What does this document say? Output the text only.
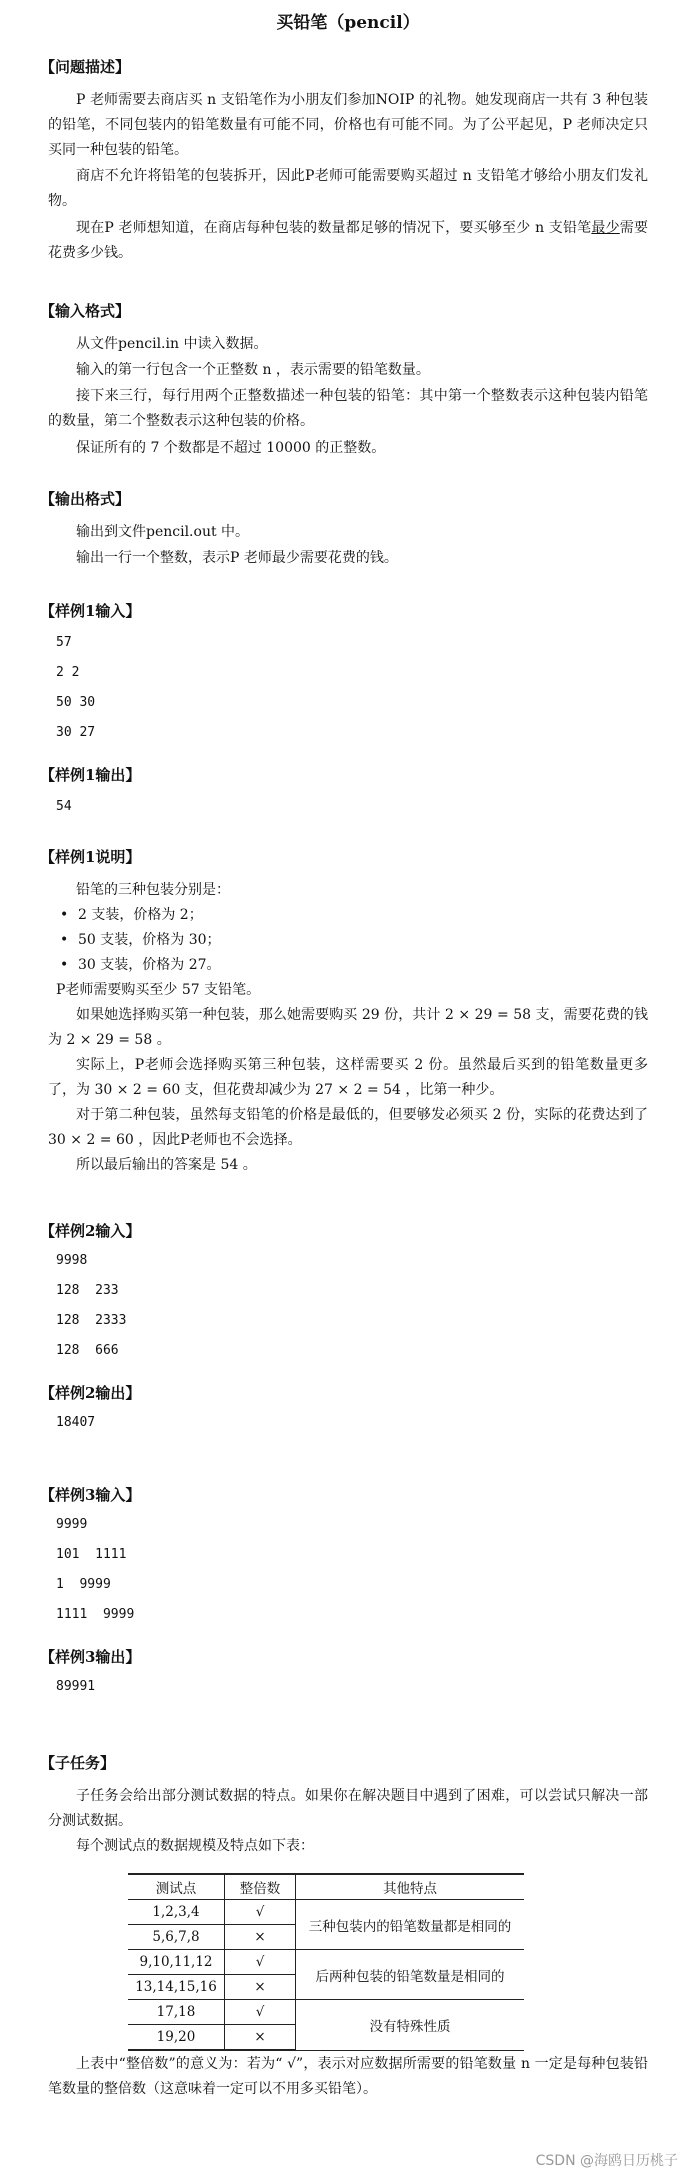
买铅笔（pencil）
【问题描述】
P 老师需要去商店买 n 支铅笔作为小朋友们参加NOIP 的礼物。她发现商店一共有 3 种包装的铅笔，不同包装内的铅笔数量有可能不同，价格也有可能不同。为了公平起见，P 老师决定只买同一种包装的铅笔。
商店不允许将铅笔的包装拆开，因此P老师可能需要购买超过 n 支铅笔才够给小朋友们发礼物。
现在P 老师想知道，在商店每种包装的数量都足够的情况下，要买够至少 n 支铅笔最少需要花费多少钱。
【输入格式】
从文件pencil.in 中读入数据。
输入的第一行包含一个正整数 n ，表示需要的铅笔数量。
接下来三行，每行用两个正整数描述一种包装的铅笔：其中第一个整数表示这种包装内铅笔的数量，第二个整数表示这种包装的价格。
保证所有的 7 个数都是不超过 10000 的正整数。
【输出格式】
输出到文件pencil.out 中。
输出一行一个整数，表示P 老师最少需要花费的钱。
【样例1输入】
57
2 2
50 30
30 27
【样例1输出】
54
【样例1说明】
铅笔的三种包装分别是：
• 2 支装，价格为 2；
• 50 支装，价格为 30；
• 30 支装，价格为 27。
P老师需要购买至少 57 支铅笔。
如果她选择购买第一种包装，那么她需要购买 29 份，共计 2 × 29 = 58 支，需要花费的钱为 2 × 29 = 58 。
实际上，P老师会选择购买第三种包装，这样需要买 2 份。虽然最后买到的铅笔数量更多了，为 30 × 2 = 60 支，但花费却减少为 27 × 2 = 54 ，比第一种少。
对于第二种包装，虽然每支铅笔的价格是最低的，但要够发必须买 2 份，实际的花费达到了 30 × 2 = 60 ，因此P老师也不会选择。
所以最后输出的答案是 54 。
【样例2输入】
9998
128  233
128  2333
128  666
【样例2输出】
18407
【样例3输入】
9999
101  1111
1  9999
1111  9999
【样例3输出】
89991
【子任务】
子任务会给出部分测试数据的特点。如果你在解决题目中遇到了困难，可以尝试只解决一部分测试数据。
每个测试点的数据规模及特点如下表：
测试点	整倍数	其他特点
1,2,3,4	√	三种包装内的铅笔数量都是相同的
5,6,7,8	×	
9,10,11,12	√	后两种包装的铅笔数量是相同的
13,14,15,16	×	
17,18	√	没有特殊性质
19,20	×	
上表中“整倍数”的意义为：若为“ √”，表示对应数据所需要的铅笔数量 n 一定是每种包装铅笔数量的整倍数（这意味着一定可以不用多买铅笔）。
CSDN @海鸥日历桃子
